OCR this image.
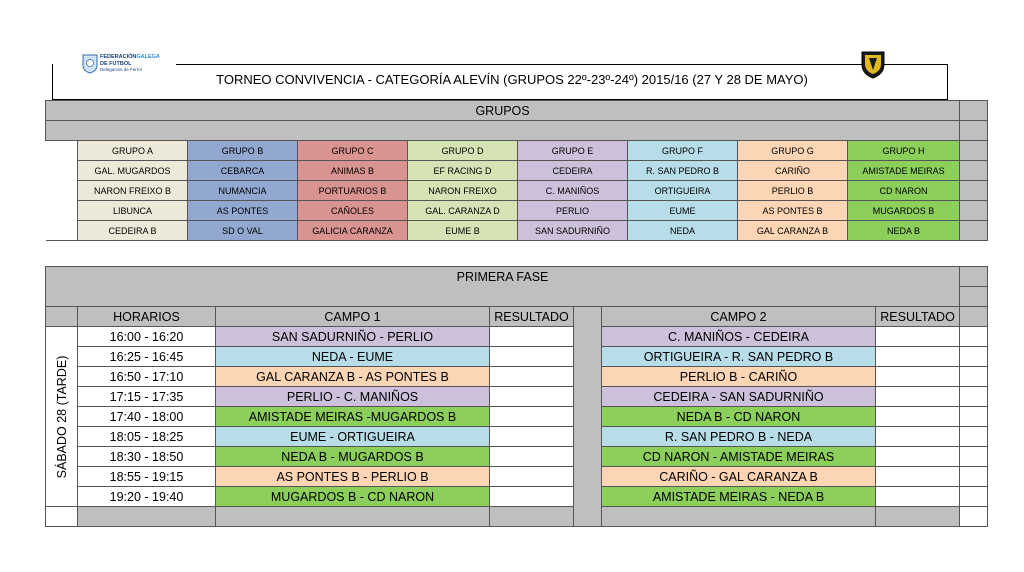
TORNEO CONVIVENCIA - CATEGORÍA ALEVÍN (GRUPOS 22º-23º-24º) 2015/16 (27 Y 28 DE MAYO)
FEDERACIÓNGALEGA
DE FÚTBOL
Delegación de Ferrol
GRUPOS									

	GRUPO A	GRUPO B	GRUPO C	GRUPO D	GRUPO E	GRUPO F	GRUPO G	GRUPO H	
	GAL. MUGARDOS	CEBARCA	ANIMAS B	EF RACING D	CEDEIRA	R. SAN PEDRO B	CARIÑO	AMISTADE MEIRAS	
	NARON FREIXO B	NUMANCIA	PORTUARIOS B	NARON FREIXO	C. MANIÑOS	ORTIGUEIRA	PERLIO B	CD NARON	
	LIBUNCA	AS PONTES	CAÑOLES	GAL. CARANZA D	PERLIO	EUME	AS PONTES B	MUGARDOS B	
	CEDEIRA B	SD O VAL	GALICIA CARANZA	EUME B	SAN SADURNIÑO	NEDA	GAL CARANZA B	NEDA B	
PRIMERA FASE							

	HORARIOS	CAMPO 1	RESULTADO		CAMPO 2	RESULTADO	

SÁBADO 28 (TARDE)	16:00 - 16:20	SAN SADURNIÑO - PERLIO			C. MANIÑOS - CEDEIRA		
	16:25 - 16:45	NEDA - EUME			ORTIGUEIRA - R. SAN PEDRO B		
	16:50 - 17:10	GAL CARANZA B - AS PONTES B			PERLIO B - CARIÑO		
	17:15 - 17:35	PERLIO - C. MANIÑOS			CEDEIRA - SAN SADURNIÑO		
	17:40 - 18:00	AMISTADE MEIRAS -MUGARDOS B			NEDA B - CD NARON		
	18:05 - 18:25	EUME - ORTIGUEIRA			R. SAN PEDRO B - NEDA		
	18:30 - 18:50	NEDA B - MUGARDOS B			CD NARON - AMISTADE MEIRAS		
	18:55 - 19:15	AS PONTES B - PERLIO B			CARIÑO - GAL CARANZA B		
	19:20 - 19:40	MUGARDOS B - CD NARON			AMISTADE MEIRAS - NEDA B		
